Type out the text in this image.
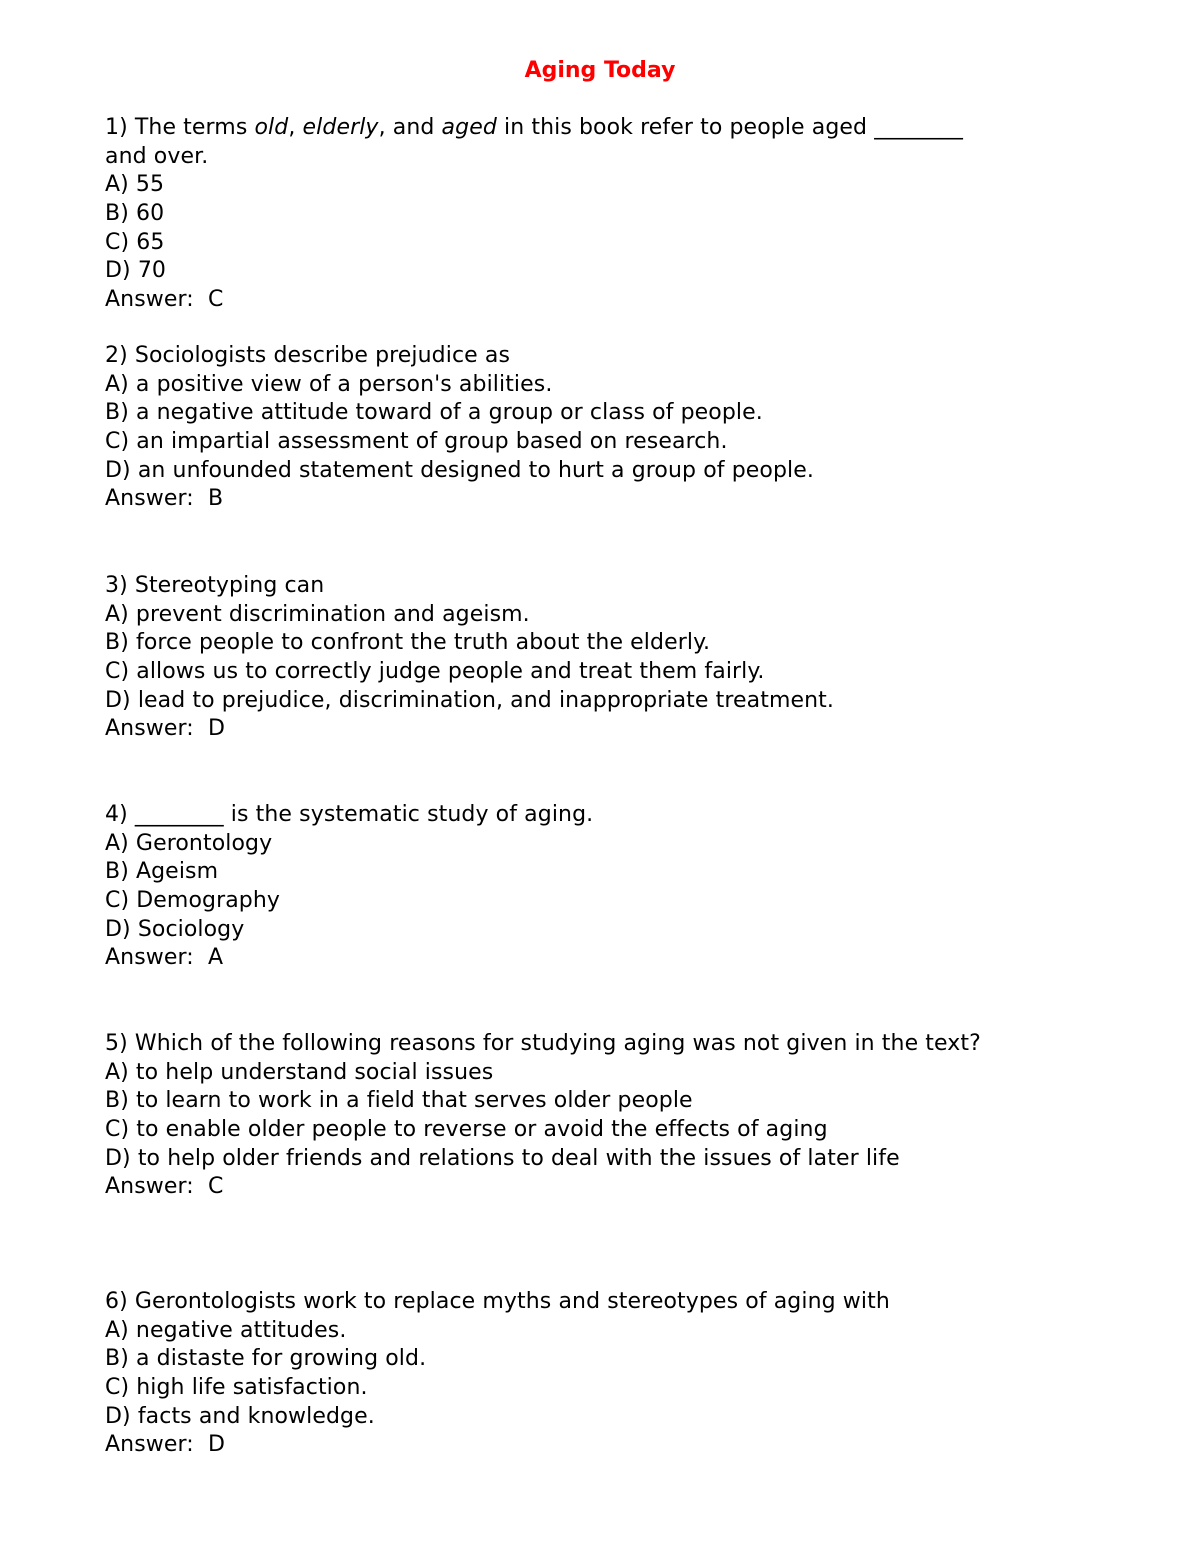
Aging Today
1) The terms old, elderly, and aged in this book refer to people aged ________
and over.
A) 55
B) 60
C) 65
D) 70
Answer:  C
2) Sociologists describe prejudice as
A) a positive view of a person's abilities.
B) a negative attitude toward of a group or class of people.
C) an impartial assessment of group based on research.
D) an unfounded statement designed to hurt a group of people.
Answer:  B
3) Stereotyping can
A) prevent discrimination and ageism.
B) force people to confront the truth about the elderly.
C) allows us to correctly judge people and treat them fairly.
D) lead to prejudice, discrimination, and inappropriate treatment.
Answer:  D
4) ________ is the systematic study of aging.
A) Gerontology
B) Ageism
C) Demography
D) Sociology
Answer:  A
5) Which of the following reasons for studying aging was not given in the text?
A) to help understand social issues
B) to learn to work in a field that serves older people
C) to enable older people to reverse or avoid the effects of aging
D) to help older friends and relations to deal with the issues of later life
Answer:  C
6) Gerontologists work to replace myths and stereotypes of aging with
A) negative attitudes.
B) a distaste for growing old.
C) high life satisfaction.
D) facts and knowledge.
Answer:  D
